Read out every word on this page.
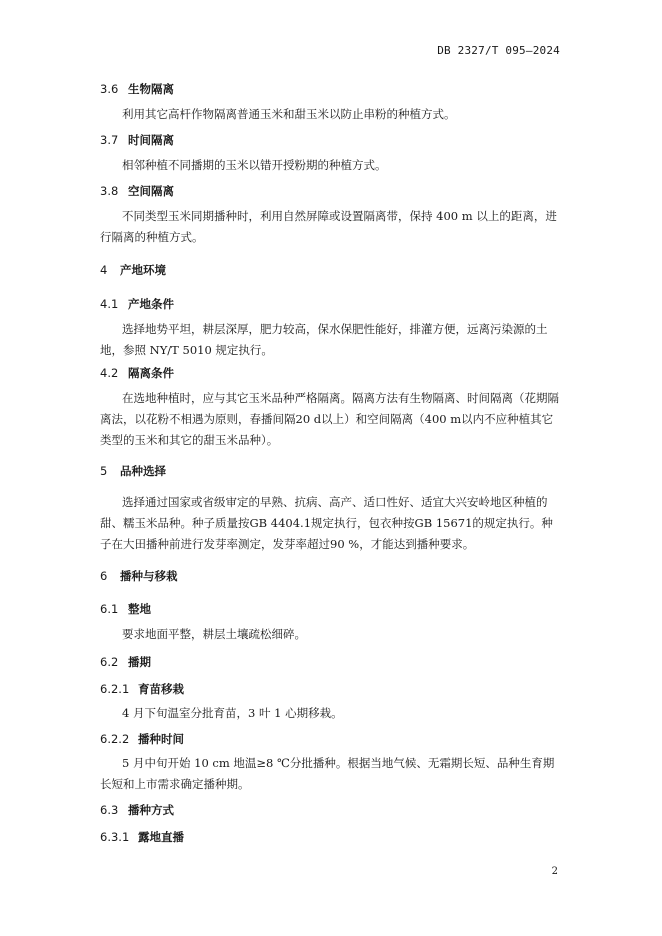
DB 2327/T 095—2024
3.6 生物隔离

利用其它高杆作物隔离普通玉米和甜玉米以防止串粉的种植方式。

3.7 时间隔离

相邻种植不同播期的玉米以错开授粉期的种植方式。

3.8 空间隔离

不同类型玉米同期播种时，利用自然屏障或设置隔离带，保持 400 m 以上的距离，进行隔离的种植方式。

4 产地环境
4.1 产地条件

选择地势平坦，耕层深厚，肥力较高，保水保肥性能好，排灌方便，远离污染源的土地，参照 NY/T 5010 规定执行。

4.2 隔离条件

在选地种植时，应与其它玉米品种严格隔离。隔离方法有生物隔离、时间隔离（花期隔离法，以花粉不相遇为原则，春播间隔20 d以上）和空间隔离（400 m以内不应种植其它类型的玉米和其它的甜玉米品种）。

5 品种选择

选择通过国家或省级审定的早熟、抗病、高产、适口性好、适宜大兴安岭地区种植的甜、糯玉米品种。种子质量按GB 4404.1规定执行，包衣种按GB 15671的规定执行。种子在大田播种前进行发芽率测定，发芽率超过90 %，才能达到播种要求。

6 播种与移栽
6.1 整地

要求地面平整，耕层土壤疏松细碎。

6.2 播期
6.2.1 育苗移栽

4 月下旬温室分批育苗，3 叶 1 心期移栽。

6.2.2 播种时间

5 月中旬开始 10 cm 地温≥8 ℃分批播种。根据当地气候、无霜期长短、品种生育期长短和上市需求确定播种期。

6.3 播种方式
6.3.1 露地直播
2
